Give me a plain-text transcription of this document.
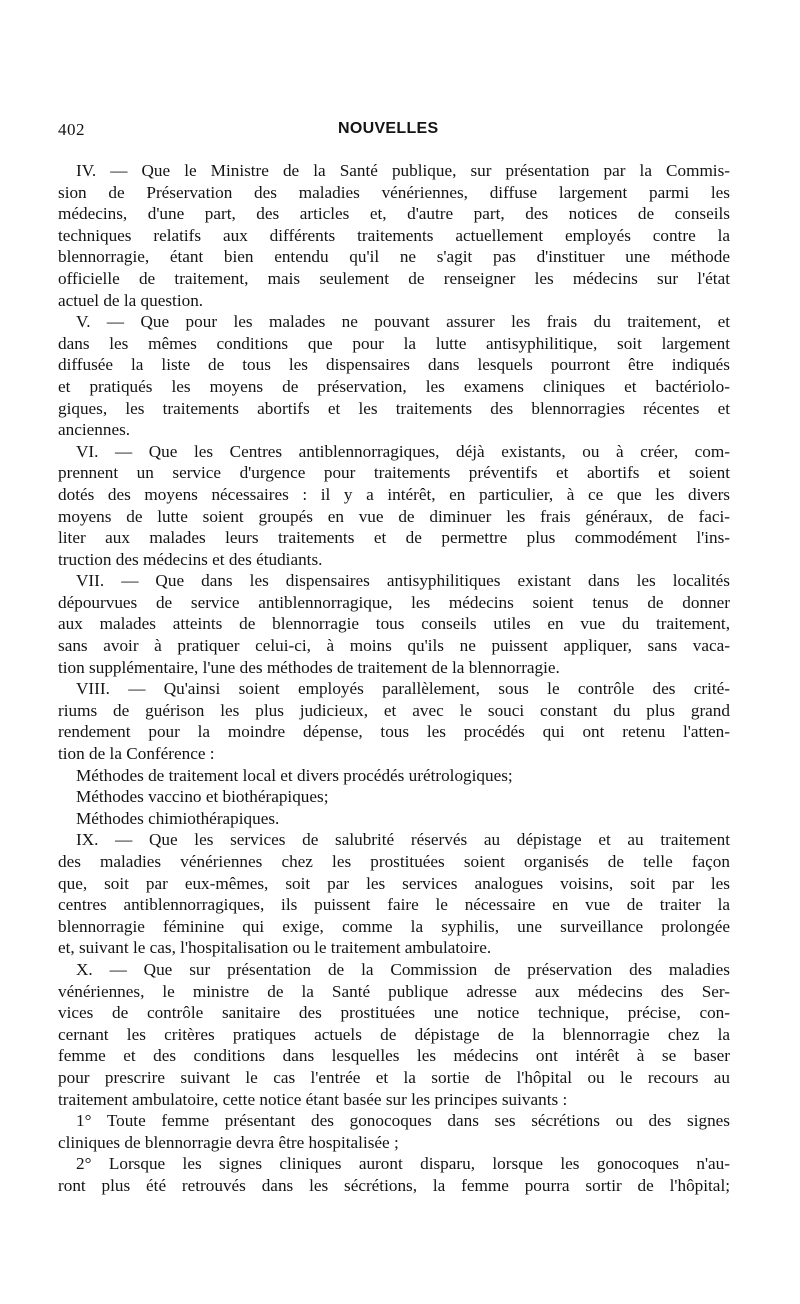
402	NOUVELLES
IV. — Que le Ministre de la Santé publique, sur présentation par la Commis-
sion de Préservation des maladies vénériennes, diffuse largement parmi les
médecins, d'une part, des articles et, d'autre part, des notices de conseils
techniques relatifs aux différents traitements actuellement employés contre la
blennorragie, étant bien entendu qu'il ne s'agit pas d'instituer une méthode
officielle de traitement, mais seulement de renseigner les médecins sur l'état
actuel de la question.
V. — Que pour les malades ne pouvant assurer les frais du traitement, et
dans les mêmes conditions que pour la lutte antisyphilitique, soit largement
diffusée la liste de tous les dispensaires dans lesquels pourront être indiqués
et pratiqués les moyens de préservation, les examens cliniques et bactériolo-
giques, les traitements abortifs et les traitements des blennorragies récentes et
anciennes.
VI. — Que les Centres antiblennorragiques, déjà existants, ou à créer, com-
prennent un service d'urgence pour traitements préventifs et abortifs et soient
dotés des moyens nécessaires : il y a intérêt, en particulier, à ce que les divers
moyens de lutte soient groupés en vue de diminuer les frais généraux, de faci-
liter aux malades leurs traitements et de permettre plus commodément l'ins-
truction des médecins et des étudiants.
VII. — Que dans les dispensaires antisyphilitiques existant dans les localités
dépourvues de service antiblennorragique, les médecins soient tenus de donner
aux malades atteints de blennorragie tous conseils utiles en vue du traitement,
sans avoir à pratiquer celui-ci, à moins qu'ils ne puissent appliquer, sans vaca-
tion supplémentaire, l'une des méthodes de traitement de la blennorragie.
VIII. — Qu'ainsi soient employés parallèlement, sous le contrôle des crité-
riums de guérison les plus judicieux, et avec le souci constant du plus grand
rendement pour la moindre dépense, tous les procédés qui ont retenu l'atten-
tion de la Conférence :
Méthodes de traitement local et divers procédés urétrologiques;
Méthodes vaccino et biothérapiques;
Méthodes chimiothérapiques.
IX. — Que les services de salubrité réservés au dépistage et au traitement
des maladies vénériennes chez les prostituées soient organisés de telle façon
que, soit par eux-mêmes, soit par les services analogues voisins, soit par les
centres antiblennorragiques, ils puissent faire le nécessaire en vue de traiter la
blennorragie féminine qui exige, comme la syphilis, une surveillance prolongée
et, suivant le cas, l'hospitalisation ou le traitement ambulatoire.
X. — Que sur présentation de la Commission de préservation des maladies
vénériennes, le ministre de la Santé publique adresse aux médecins des Ser-
vices de contrôle sanitaire des prostituées une notice technique, précise, con-
cernant les critères pratiques actuels de dépistage de la blennorragie chez la
femme et des conditions dans lesquelles les médecins ont intérêt à se baser
pour prescrire suivant le cas l'entrée et la sortie de l'hôpital ou le recours au
traitement ambulatoire, cette notice étant basée sur les principes suivants :
1° Toute femme présentant des gonocoques dans ses sécrétions ou des signes
cliniques de blennorragie devra être hospitalisée ;
2° Lorsque les signes cliniques auront disparu, lorsque les gonocoques n'au-
ront plus été retrouvés dans les sécrétions, la femme pourra sortir de l'hôpital;
